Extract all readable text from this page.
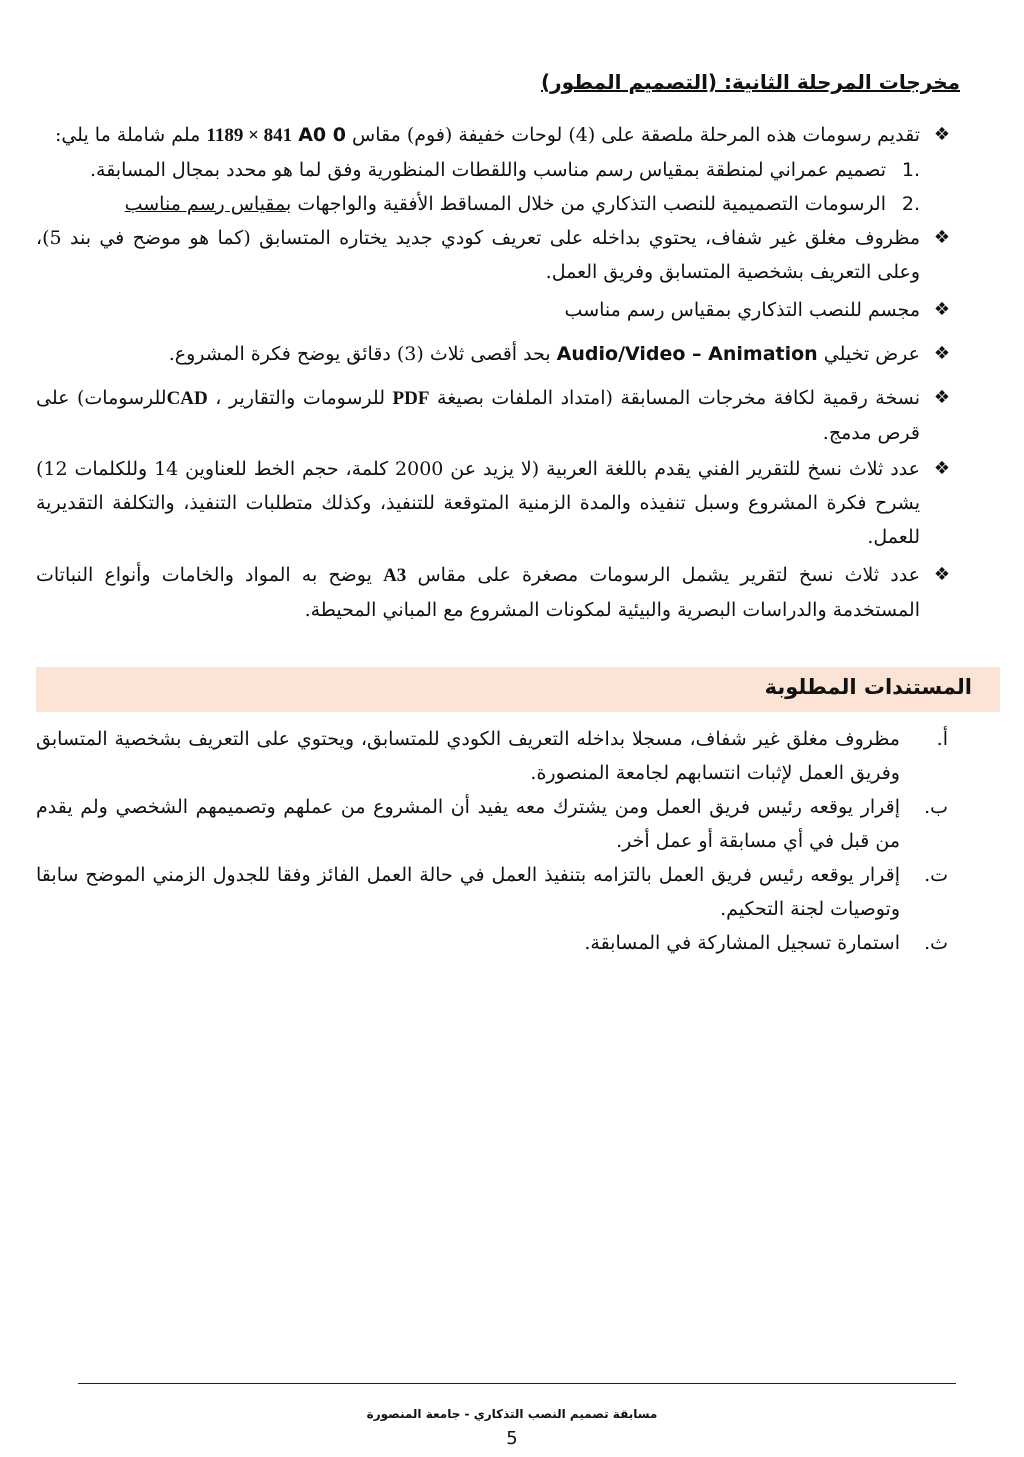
مخرجات المرحلة الثانية: (التصميم المطور)
❖
تقديم رسومات هذه المرحلة ملصقة على (4) لوحات خفيفة (فوم) مقاس A0 0 1189 × 841 ملم شاملة ما يلي:
.1
تصميم عمراني لمنطقة بمقياس رسم مناسب واللقطات المنظورية وفق لما هو محدد بمجال المسابقة.
.2
الرسومات التصميمية للنصب التذكاري من خلال المساقط الأفقية والواجهات بمقياس رسم مناسب
❖
مظروف مغلق غير شفاف، يحتوي بداخله على تعريف كودي جديد يختاره المتسابق (كما هو موضح في بند 5)، وعلى التعريف بشخصية المتسابق وفريق العمل.
❖
مجسم للنصب التذكاري بمقياس رسم مناسب
❖
عرض تخيلي Audio/Video – Animation بحد أقصى ثلاث (3) دقائق يوضح فكرة المشروع.
❖
نسخة رقمية لكافة مخرجات المسابقة (امتداد الملفات بصيغة PDF للرسومات والتقارير ، CADللرسومات) على قرص مدمج.
❖
عدد ثلاث نسخ للتقرير الفني يقدم باللغة العربية (لا يزيد عن 2000 كلمة، حجم الخط للعناوين 14 وللكلمات 12) يشرح فكرة المشروع وسبل تنفيذه والمدة الزمنية المتوقعة للتنفيذ، وكذلك متطلبات التنفيذ، والتكلفة التقديرية للعمل.
❖
عدد ثلاث نسخ لتقرير يشمل الرسومات مصغرة على مقاس A3 يوضح به المواد والخامات وأنواع النباتات المستخدمة والدراسات البصرية والبيئية لمكونات المشروع مع المباني المحيطة.
المستندات المطلوبة
أ.
مظروف مغلق غير شفاف، مسجلا بداخله التعريف الكودي للمتسابق، ويحتوي على التعريف بشخصية المتسابق وفريق العمل لإثبات انتسابهم لجامعة المنصورة.
ب.
إقرار يوقعه رئيس فريق العمل ومن يشترك معه يفيد أن المشروع من عملهم وتصميمهم الشخصي ولم يقدم من قبل في أي مسابقة أو عمل أخر.
ت.
إقرار يوقعه رئيس فريق العمل بالتزامه بتنفيذ العمل في حالة العمل الفائز وفقا للجدول الزمني الموضح سابقا وتوصيات لجنة التحكيم.
ث.
استمارة تسجيل المشاركة في المسابقة.
مسابقة تصميم النصب التذكاري - جامعة المنصورة
5
